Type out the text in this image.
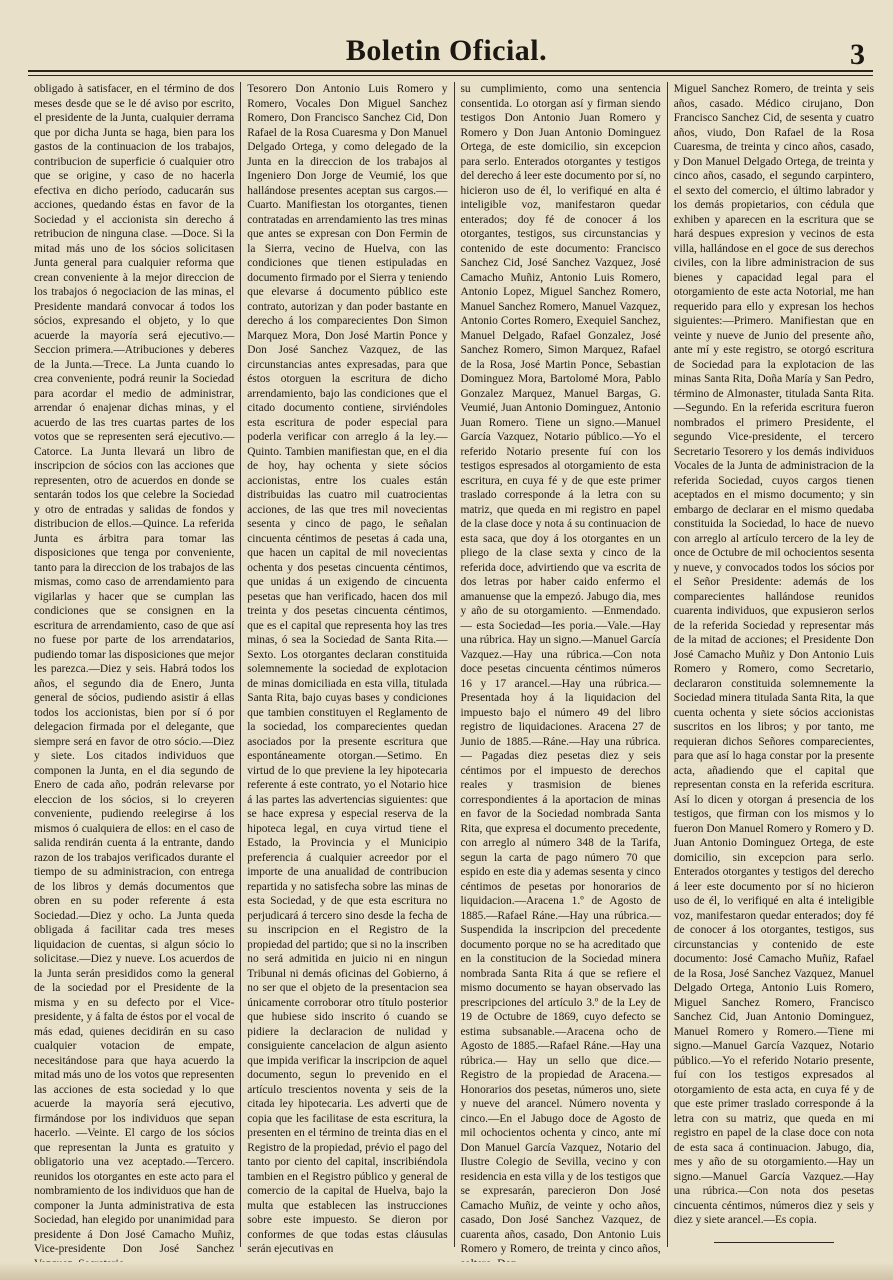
Boletin Oficial.	3

obligado à satisfacer, en el término de dos meses desde que se le dé aviso por escrito, el presidente de la Junta, cualquier derrama que por dicha Junta se haga, bien para los gastos de la continuacion de los trabajos, contribucion de superficie ó cualquier otro que se origine, y caso de no hacerla efectiva en dicho período, caducarán sus acciones, quedando éstas en favor de la Sociedad y el accionista sin derecho á retribucion de ninguna clase. —Doce. Si la mitad más uno de los sócios solicitasen Junta general para cualquier reforma que crean conveniente à la mejor direccion de los trabajos ó negociacion de las minas, el Presidente mandará convocar á todos los sócios, expresando el objeto, y lo que acuerde la mayoría será ejecutivo.—Seccion primera.—Atribuciones y deberes de la Junta.—Trece. La Junta cuando lo crea conveniente, podrá reunir la Sociedad para acordar el medio de administrar, arrendar ó enajenar dichas minas, y el acuerdo de las tres cuartas partes de los votos que se representen será ejecutivo.—Catorce. La Junta llevará un libro de inscripcion de sócios con las acciones que representen, otro de acuerdos en donde se sentarán todos los que celebre la Sociedad y otro de entradas y salidas de fondos y distribucion de ellos.—Quince. La referida Junta es árbitra para tomar las disposiciones que tenga por conveniente, tanto para la direccion de los trabajos de las mismas, como caso de arrendamiento para vigilarlas y hacer que se cumplan las condiciones que se consignen en la escritura de arrendamiento, caso de que así no fuese por parte de los arrendatarios, pudiendo tomar las disposiciones que mejor les parezca.—Diez y seis. Habrá todos los años, el segundo dia de Enero, Junta general de sócios, pudiendo asistir á ellas todos los accionistas, bien por sí ó por delegacion firmada por el delegante, que siempre será en favor de otro sócio.—Diez y siete. Los citados individuos que componen la Junta, en el dia segundo de Enero de cada año, podrán relevarse por eleccion de los sócios, si lo creyeren conveniente, pudiendo reelegirse á los mismos ó cualquiera de ellos: en el caso de salida rendirán cuenta á la entrante, dando razon de los trabajos verificados durante el tiempo de su administracion, con entrega de los libros y demás documentos que obren en su poder referente á esta Sociedad.—Diez y ocho. La Junta queda obligada á facilitar cada tres meses liquidacion de cuentas, si algun sócio lo solicitase.—Diez y nueve. Los acuerdos de la Junta serán presididos como la general de la sociedad por el Presidente de la misma y en su defecto por el Vice-presidente, y á falta de éstos por el vocal de más edad, quienes decidirán en su caso cualquier votacion de empate, necesitándose para que haya acuerdo la mitad más uno de los votos que representen las acciones de esta sociedad y lo que acuerde la mayoría será ejecutivo, firmándose por los individuos que sepan hacerlo. —Veinte. El cargo de los sócios que representan la Junta es gratuito y obligatorio una vez aceptado.—Tercero. reunidos los otorgantes en este acto para el nombramiento de los individuos que han de componer la Junta administrativa de esta Sociedad, han elegido por unanimidad para presidente á Don José Camacho Muñiz, Vice-presidente Don José Sanchez

Tesorero Don Antonio Luis Romero y Romero, Vocales Don Miguel Sanchez Romero, Don Francisco Sanchez Cid, Don Rafael de la Rosa Cuaresma y Don Manuel Delgado Ortega, y como delegado de la Junta en la direccion de los trabajos al Ingeniero Don Jorge de Veumié, los que hallándose presentes aceptan sus cargos.—Cuarto. Manifiestan los otorgantes, tienen contratadas en arrendamiento las tres minas que antes se expresan con Don Fermin de la Sierra, vecino de Huelva, con las condiciones que tienen estipuladas en documento firmado por el Sierra y teniendo que elevarse á documento público este contrato, autorizan y dan poder bastante en derecho á los comparecientes Don Simon Marquez Mora, Don José Martin Ponce y Don José Sanchez Vazquez, de las circunstancias antes expresadas, para que éstos otorguen la escritura de dicho arrendamiento, bajo las condiciones que el citado documento contiene, sirviéndoles esta escritura de poder especial para poderla verificar con arreglo á la ley.—Quinto. Tambien manifiestan que, en el dia de hoy, hay ochenta y siete sócios accionistas, entre los cuales están distribuidas las cuatro mil cuatrocientas acciones, de las que tres mil novecientas sesenta y cinco de pago, le señalan cincuenta céntimos de pesetas á cada una, que hacen un capital de mil novecientas ochenta y dos pesetas cincuenta céntimos, que unidas á un exigendo de cincuenta pesetas que han verificado, hacen dos mil treinta y dos pesetas cincuenta céntimos, que es el capital que representa hoy las tres minas, ó sea la Sociedad de Santa Rita.—Sexto. Los otorgantes declaran constituida solemnemente la sociedad de explotacion de minas domiciliada en esta villa, titulada Santa Rita, bajo cuyas bases y condiciones que tambien constituyen el Reglamento de la sociedad, los comparecientes quedan asociados por la presente escritura que espontáneamente otorgan.—Setimo. En virtud de lo que previene la ley hipotecaria referente á este contrato, yo el Notario hice á las partes las advertencias siguientes: que se hace expresa y especial reserva de la hipoteca legal, en cuya virtud tiene el Estado, la Provincia y el Municipio preferencia á cualquier acreedor por el importe de una anualidad de contribucion repartida y no satisfecha sobre las minas de esta Sociedad, y de que esta escritura no perjudicará á tercero sino desde la fecha de su inscripcion en el Registro de la propiedad del partido; que si no la inscriben no será admitida en juicio ni en ningun Tribunal ni demás oficinas del Gobierno, á no ser que el objeto de la presentacion sea únicamente corroborar otro título posterior que hubiese sido inscrito ó cuando se pidiere la declaracion de nulidad y consiguiente cancelacion de algun asiento que impida verificar la inscripcion de aquel documento, segun lo prevenido en el artículo trescientos noventa y seis de la citada ley hipotecaria. Les adverti que de copia que les facilitase de esta escritura, la presenten en el término de treinta dias en el Registro de la propiedad, prévio el pago del tanto por ciento del capital, inscribiéndola tambien en el Registro público y general de comercio de la capital de Huelva, bajo la multa que establecen las instrucciones sobre este impuesto. Se dieron por conformes de que todas estas cláusulas serán ejecutivas en

su cumplimiento, como una sentencia consentida. Lo otorgan así y firman siendo testigos Don Antonio Juan Romero y Romero y Don Juan Antonio Dominguez Ortega, de este domicilio, sin excepcion para serlo. Enterados otorgantes y testigos del derecho á leer este documento por sí, no hicieron uso de él, lo verifiqué en alta é inteligible voz, manifestaron quedar enterados; doy fé de conocer á los otorgantes, testigos, sus circunstancias y contenido de este documento: Francisco Sanchez Cid, José Sanchez Vazquez, José Camacho Muñiz, Antonio Luis Romero, Antonio Lopez, Miguel Sanchez Romero, Manuel Sanchez Romero, Manuel Vazquez, Antonio Cortes Romero, Exequiel Sanchez, Manuel Delgado, Rafael Gonzalez, José Sanchez Romero, Simon Marquez, Rafael de la Rosa, José Martin Ponce, Sebastian Dominguez Mora, Bartolomé Mora, Pablo Gonzalez Marquez, Manuel Bargas, G. Veumié, Juan Antonio Dominguez, Antonio Juan Romero. Tiene un signo.—Manuel García Vazquez, Notario público.—Yo el referido Notario presente fuí con los testigos espresados al otorgamiento de esta escritura, en cuya fé y de que este primer traslado corresponde á la letra con su matriz, que queda en mi registro en papel de la clase doce y nota á su continuacion de esta saca, que doy á los otorgantes en un pliego de la clase sexta y cinco de la referida doce, advirtiendo que va escrita de dos letras por haber caido enfermo el amanuense que la empezó. Jabugo dia, mes y año de su otorgamiento. —Enmendado.— esta Sociedad—Ies poria.—Vale.—Hay una rúbrica. Hay un signo.—Manuel García Vazquez.—Hay una rúbrica.—Con nota doce pesetas cincuenta céntimos números 16 y 17 arancel.—Hay una rúbrica.— Presentada hoy á la liquidacion del impuesto bajo el número 49 del libro registro de liquidaciones. Aracena 27 de Junio de 1885.—Ráne.—Hay una rúbrica.— Pagadas diez pesetas diez y seis céntimos por el impuesto de derechos reales y trasmision de bienes correspondientes á la aportacion de minas en favor de la Sociedad nombrada Santa Rita, que expresa el documento precedente, con arreglo al número 348 de la Tarifa, segun la carta de pago número 70 que espido en este dia y ademas sesenta y cinco céntimos de pesetas por honorarios de liquidacion.—Aracena 1.º de Agosto de 1885.—Rafael Ráne.—Hay una rúbrica.—Suspendida la inscripcion del precedente documento porque no se ha acreditado que en la constitucion de la Sociedad minera nombrada Santa Rita á que se refiere el mismo documento se hayan observado las prescripciones del artículo 3.º de la Ley de 19 de Octubre de 1869, cuyo defecto se estima subsanable.—Aracena ocho de Agosto de 1885.—Rafael Ráne.—Hay una rúbrica.— Hay un sello que dice.—Registro de la propiedad de Aracena.—Honorarios dos pesetas, números uno, siete y nueve del arancel. Número noventa y cinco.—En el Jabugo doce de Agosto de mil ochocientos ochenta y cinco, ante mí Don Manuel García Vazquez, Notario del Ilustre Colegio de Sevilla, vecino y con residencia en esta villa y de los testigos que se expresarán, parecieron Don José Camacho Muñiz, de veinte y ocho años, casado, Don José Sanchez Vazquez, de cuarenta años, casado, Don Antonio Luis Romero y Romero, de treinta y cinco años,

Miguel Sanchez Romero, de treinta y seis años, casado. Médico cirujano, Don Francisco Sanchez Cid, de sesenta y cuatro años, viudo, Don Rafael de la Rosa Cuaresma, de treinta y cinco años, casado, y Don Manuel Delgado Ortega, de treinta y cinco años, casado, el segundo carpintero, el sexto del comercio, el último labrador y los demás propietarios, con cédula que exhiben y aparecen en la escritura que se hará despues expresion y vecinos de esta villa, hallándose en el goce de sus derechos civiles, con la libre administracion de sus bienes y capacidad legal para el otorgamiento de este acta Notorial, me han requerido para ello y expresan los hechos siguientes:—Primero. Manifiestan que en veinte y nueve de Junio del presente año, ante mí y este registro, se otorgó escritura de Sociedad para la explotacion de las minas Santa Rita, Doña María y San Pedro, término de Almonaster, titulada Santa Rita.—Segundo. En la referida escritura fueron nombrados el primero Presidente, el segundo Vice-presidente, el tercero Secretario Tesorero y los demás individuos Vocales de la Junta de administracion de la referida Sociedad, cuyos cargos tienen aceptados en el mismo documento; y sin embargo de declarar en el mismo quedaba constituida la Sociedad, lo hace de nuevo con arreglo al artículo tercero de la ley de once de Octubre de mil ochocientos sesenta y nueve, y convocados todos los sócios por el Señor Presidente: además de los comparecientes hallándose reunidos cuarenta individuos, que expusieron serlos de la referida Sociedad y representar más de la mitad de acciones; el Presidente Don José Camacho Muñiz y Don Antonio Luis Romero y Romero, como Secretario, declararon constituida solemnemente la Sociedad minera titulada Santa Rita, la que cuenta ochenta y siete sócios accionistas suscritos en los libros; y por tanto, me requieran dichos Señores comparecientes, para que así lo haga constar por la presente acta, añadiendo que el capital que representan consta en la referida escritura. Así lo dicen y otorgan á presencia de los testigos, que firman con los mismos y lo fueron Don Manuel Romero y Romero y D. Juan Antonio Dominguez Ortega, de este domicilio, sin excepcion para serlo. Enterados otorgantes y testigos del derecho á leer este documento por sí no hicieron uso de él, lo verifiqué en alta é inteligible voz, manifestaron quedar enterados; doy fé de conocer á los otorgantes, testigos, sus circunstancias y contenido de este documento: José Camacho Muñiz, Rafael de la Rosa, José Sanchez Vazquez, Manuel Delgado Ortega, Antonio Luis Romero, Miguel Sanchez Romero, Francisco Sanchez Cid, Juan Antonio Dominguez, Manuel Romero y Romero.—Tiene mi signo.—Manuel García Vazquez, Notario público.—Yo el referido Notario presente, fuí con los testigos expresados al otorgamiento de esta acta, en cuya fé y de que este primer traslado corresponde á la letra con su matriz, que queda en mi registro en papel de la clase doce con nota de esta saca á continuacion. Jabugo, dia, mes y año de su otorgamiento.—Hay un signo.—Manuel García Vazquez.—Hay una rúbrica.—Con nota dos pesetas cincuenta céntimos, números diez y seis y diez y siete arancel.—Es copia.
